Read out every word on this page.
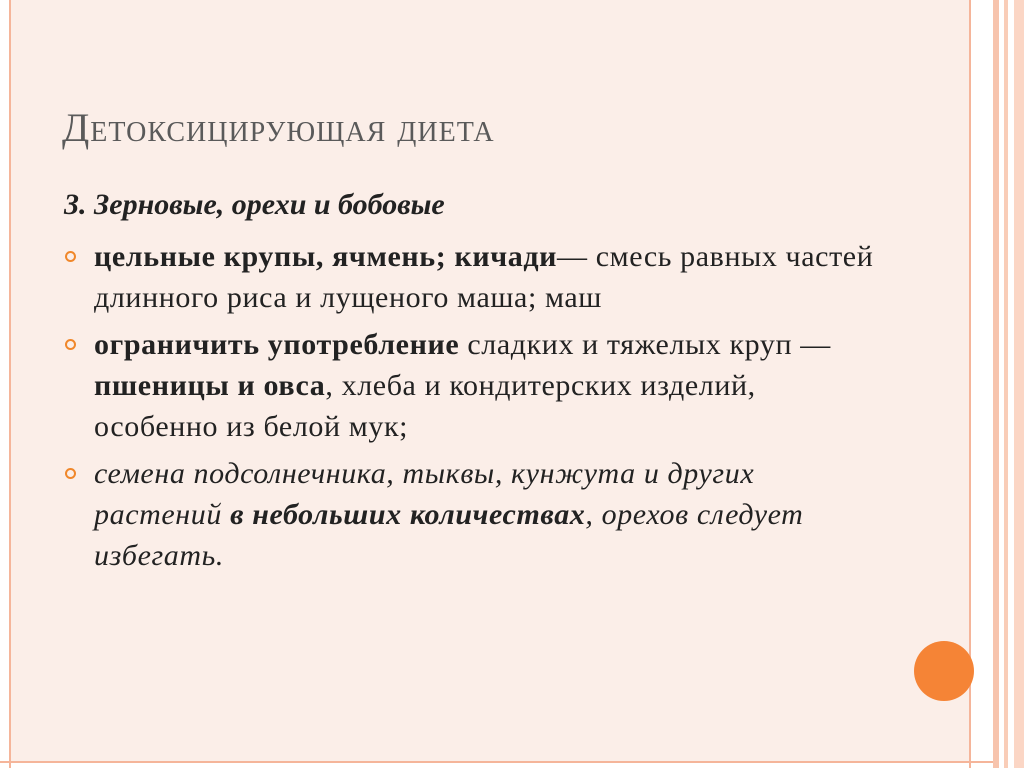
Детоксицирующая диета
3. Зерновые, орехи и бобовые
цельные крупы, ячмень; кичади— смесь равных частей длинного риса и лущеного маша; маш
ограничить употребление сладких и тяжелых круп — пшеницы и овса, хлеба и кондитерских изделий, особенно из белой мук;
семена подсолнечника, тыквы, кунжута и других растений в небольших количествах, орехов следует избегать.
